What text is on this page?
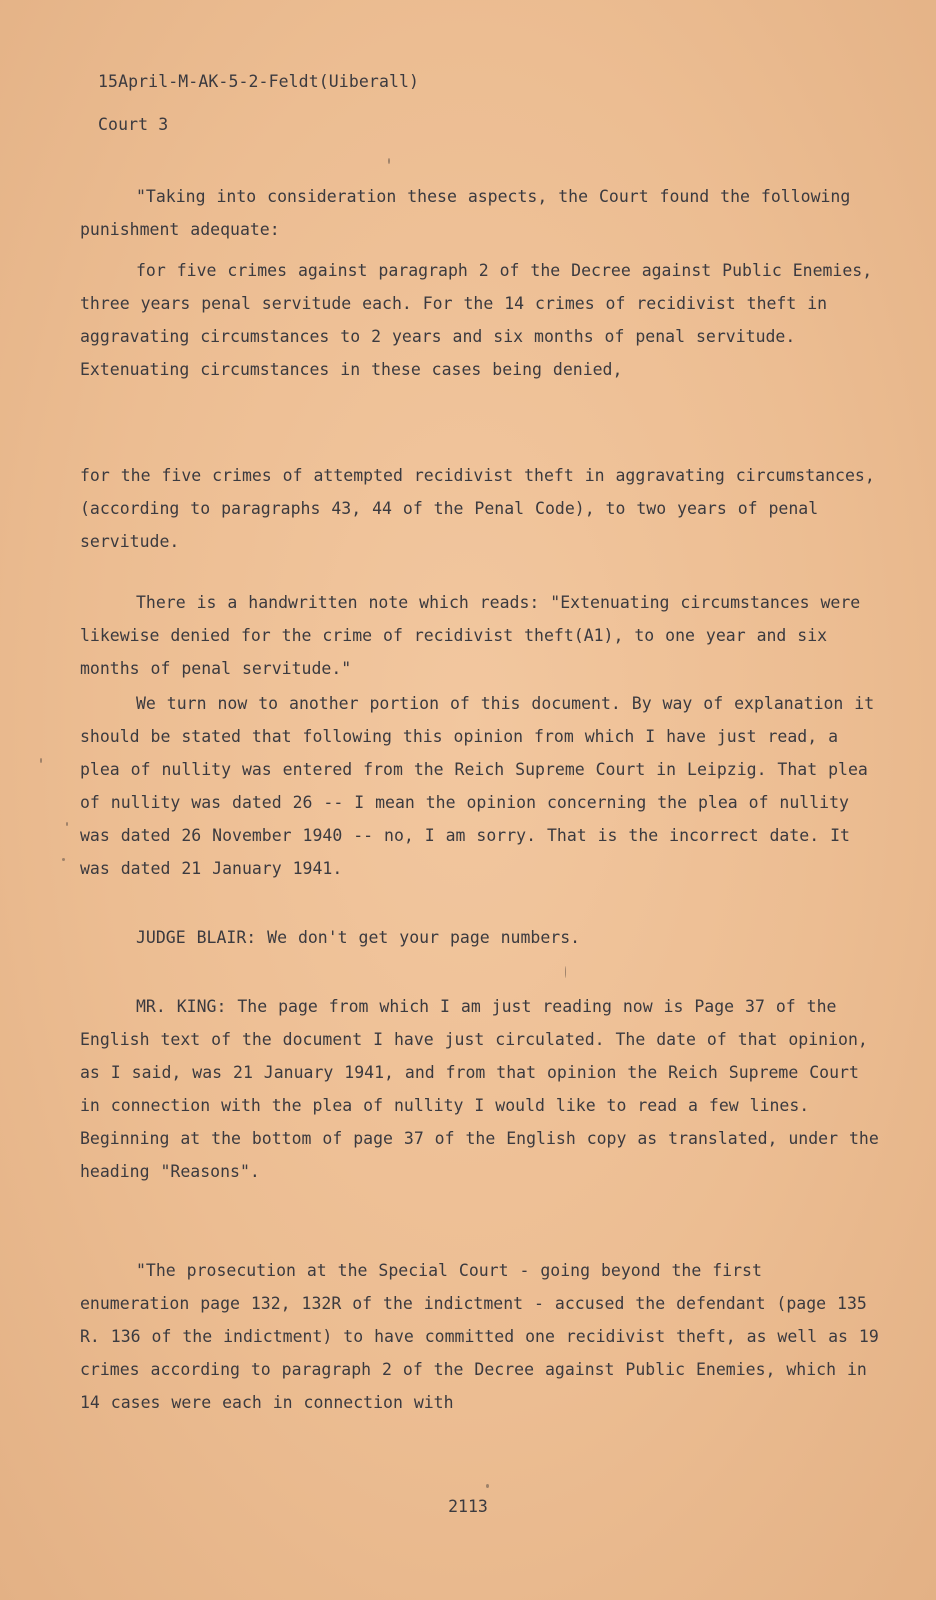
15April-M-AK-5-2-Feldt(Uiberall)
Court 3

"Taking into consideration these aspects, the Court found the following punishment adequate:

for five crimes against paragraph 2 of the Decree against Public Enemies, three years penal servitude each. For the 14 crimes of recidivist theft in aggravating circumstances to 2 years and six months of penal servitude. Extenuating circumstances in these cases being denied,

for the five crimes of attempted recidivist theft in aggravating circumstances, (according to paragraphs 43, 44 of the Penal Code), to two years of penal servitude.

There is a handwritten note which reads: "Extenuating circumstances were likewise denied for the crime of recidivist theft(A1), to one year and six months of penal servitude."

We turn now to another portion of this document. By way of explanation it should be stated that following this opinion from which I have just read, a plea of nullity was entered from the Reich Supreme Court in Leipzig. That plea of nullity was dated 26 -- I mean the opinion concerning the plea of nullity was dated 26 November 1940 -- no, I am sorry. That is the incorrect date. It was dated 21 January 1941.

JUDGE BLAIR: We don't get your page numbers.

MR. KING: The page from which I am just reading now is Page 37 of the English text of the document I have just circulated. The date of that opinion, as I said, was 21 January 1941, and from that opinion the Reich Supreme Court in connection with the plea of nullity I would like to read a few lines. Beginning at the bottom of page 37 of the English copy as translated, under the heading "Reasons".

"The prosecution at the Special Court - going beyond the first enumeration page 132, 132R of the indictment - accused the defendant (page 135 R. 136 of the indictment) to have committed one recidivist theft, as well as 19 crimes according to paragraph 2 of the Decree against Public Enemies, which in 14 cases were each in connection with

2113
